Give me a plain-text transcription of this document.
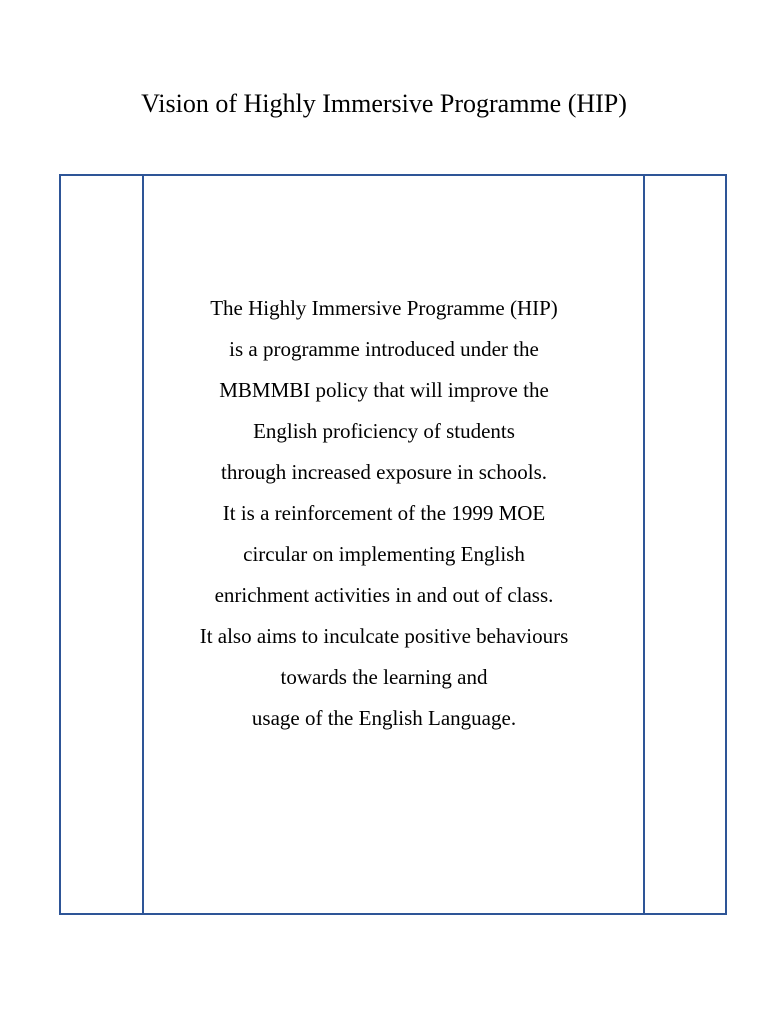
Vision of Highly Immersive Programme (HIP)
The Highly Immersive Programme (HIP)
is a programme introduced under the
MBMMBI policy that will improve the
English proficiency of students
through increased exposure in schools.
It is a reinforcement of the 1999 MOE
circular on implementing English
enrichment activities in and out of class.
It also aims to inculcate positive behaviours
towards the learning and
usage of the English Language.
